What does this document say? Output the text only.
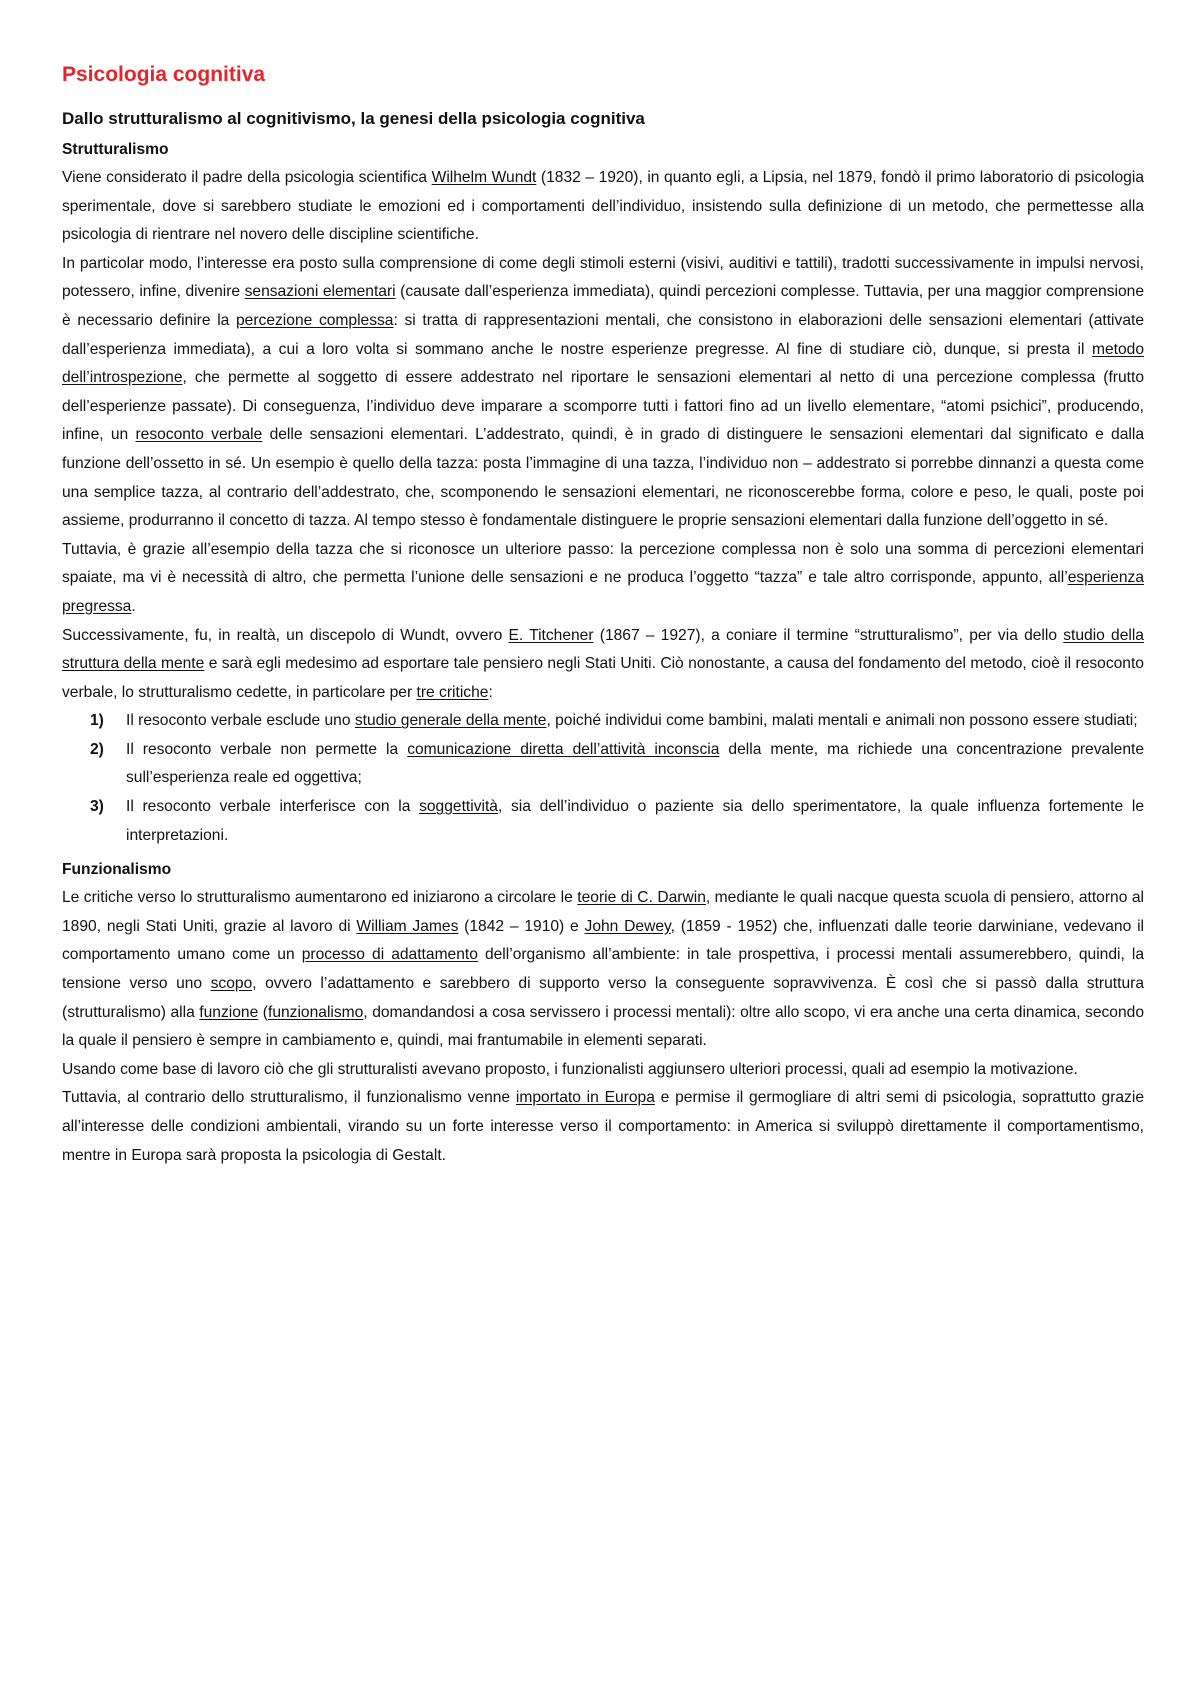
Psicologia cognitiva
Dallo strutturalismo al cognitivismo, la genesi della psicologia cognitiva
Strutturalismo

Viene considerato il padre della psicologia scientifica Wilhelm Wundt (1832 – 1920), in quanto egli, a Lipsia, nel 1879, fondò il primo laboratorio di psicologia sperimentale, dove si sarebbero studiate le emozioni ed i comportamenti dell’individuo, insistendo sulla definizione di un metodo, che permettesse alla psicologia di rientrare nel novero delle discipline scientifiche.

In particolar modo, l’interesse era posto sulla comprensione di come degli stimoli esterni (visivi, auditivi e tattili), tradotti successivamente in impulsi nervosi, potessero, infine, divenire sensazioni elementari (causate dall’esperienza immediata), quindi percezioni complesse. Tuttavia, per una maggior comprensione è necessario definire la percezione complessa: si tratta di rappresentazioni mentali, che consistono in elaborazioni delle sensazioni elementari (attivate dall’esperienza immediata), a cui a loro volta si sommano anche le nostre esperienze pregresse. Al fine di studiare ciò, dunque, si presta il metodo dell’introspezione, che permette al soggetto di essere addestrato nel riportare le sensazioni elementari al netto di una percezione complessa (frutto dell’esperienze passate). Di conseguenza, l’individuo deve imparare a scomporre tutti i fattori fino ad un livello elementare, “atomi psichici”, producendo, infine, un resoconto verbale delle sensazioni elementari. L’addestrato, quindi, è in grado di distinguere le sensazioni elementari dal significato e dalla funzione dell’ossetto in sé. Un esempio è quello della tazza: posta l’immagine di una tazza, l’individuo non – addestrato si porrebbe dinnanzi a questa come una semplice tazza, al contrario dell’addestrato, che, scomponendo le sensazioni elementari, ne riconoscerebbe forma, colore e peso, le quali, poste poi assieme, produrranno il concetto di tazza. Al tempo stesso è fondamentale distinguere le proprie sensazioni elementari dalla funzione dell’oggetto in sé.

Tuttavia, è grazie all’esempio della tazza che si riconosce un ulteriore passo: la percezione complessa non è solo una somma di percezioni elementari spaiate, ma vi è necessità di altro, che permetta l’unione delle sensazioni e ne produca l’oggetto “tazza” e tale altro corrisponde, appunto, all’esperienza pregressa.

Successivamente, fu, in realtà, un discepolo di Wundt, ovvero E. Titchener (1867 – 1927), a coniare il termine “strutturalismo”, per via dello studio della struttura della mente e sarà egli medesimo ad esportare tale pensiero negli Stati Uniti. Ciò nonostante, a causa del fondamento del metodo, cioè il resoconto verbale, lo strutturalismo cedette, in particolare per tre critiche:

1) Il resoconto verbale esclude uno studio generale della mente, poiché individui come bambini, malati mentali e animali non possono essere studiati;
2) Il resoconto verbale non permette la comunicazione diretta dell’attività inconscia della mente, ma richiede una concentrazione prevalente sull’esperienza reale ed oggettiva;
3) Il resoconto verbale interferisce con la soggettività, sia dell’individuo o paziente sia dello sperimentatore, la quale influenza fortemente le interpretazioni.
Funzionalismo

Le critiche verso lo strutturalismo aumentarono ed iniziarono a circolare le teorie di C. Darwin, mediante le quali nacque questa scuola di pensiero, attorno al 1890, negli Stati Uniti, grazie al lavoro di William James (1842 – 1910) e John Dewey, (1859 - 1952) che, influenzati dalle teorie darwiniane, vedevano il comportamento umano come un processo di adattamento dell’organismo all’ambiente: in tale prospettiva, i processi mentali assumerebbero, quindi, la tensione verso uno scopo, ovvero l’adattamento e sarebbero di supporto verso la conseguente sopravvivenza. È così che si passò dalla struttura (strutturalismo) alla funzione (funzionalismo, domandandosi a cosa servissero i processi mentali): oltre allo scopo, vi era anche una certa dinamica, secondo la quale il pensiero è sempre in cambiamento e, quindi, mai frantumabile in elementi separati.

Usando come base di lavoro ciò che gli strutturalisti avevano proposto, i funzionalisti aggiunsero ulteriori processi, quali ad esempio la motivazione.

Tuttavia, al contrario dello strutturalismo, il funzionalismo venne importato in Europa e permise il germogliare di altri semi di psicologia, soprattutto grazie all’interesse delle condizioni ambientali, virando su un forte interesse verso il comportamento: in America si sviluppò direttamente il comportamentismo, mentre in Europa sarà proposta la psicologia di Gestalt.
